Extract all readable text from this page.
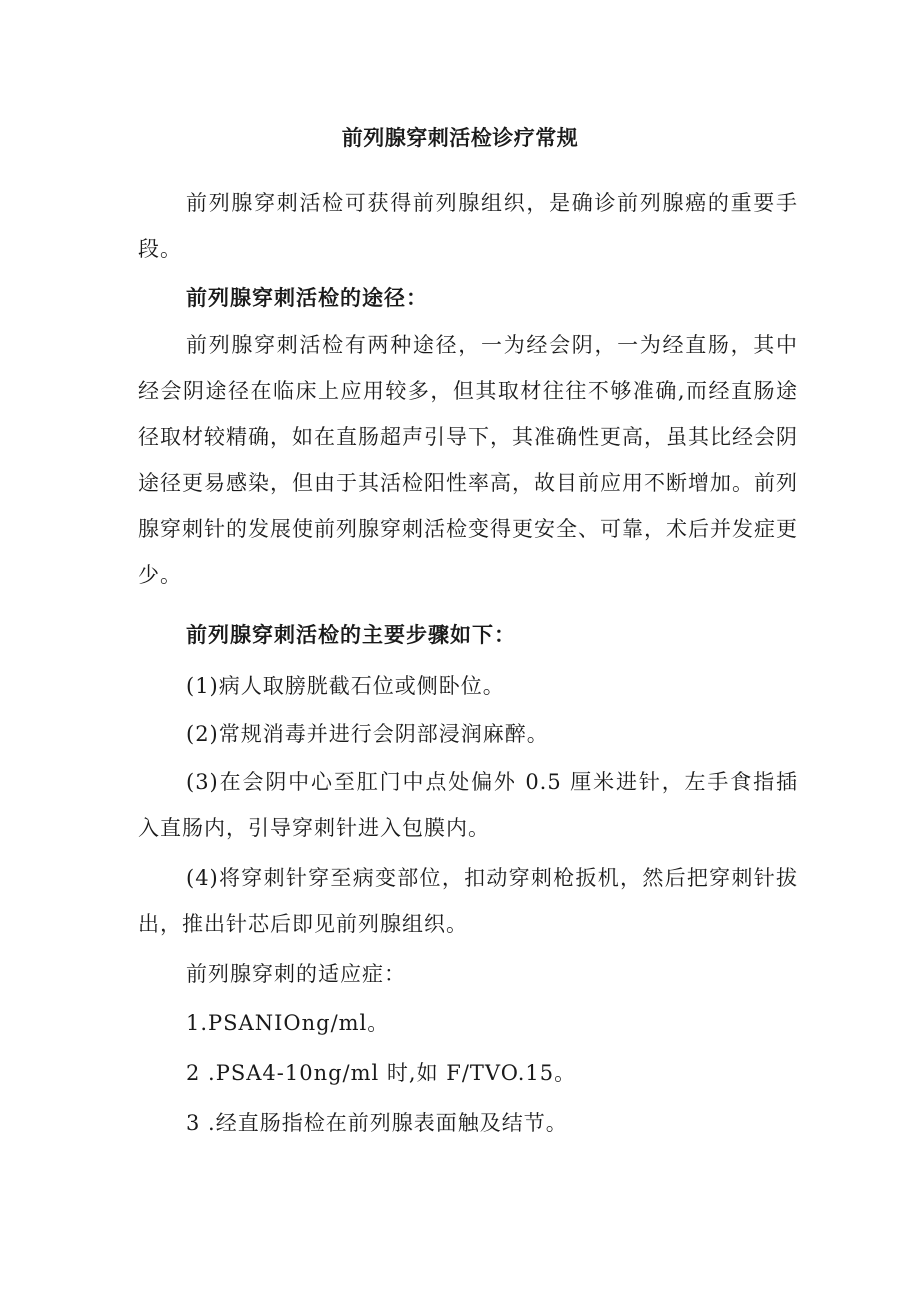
前列腺穿刺活检诊疗常规

前列腺穿刺活检可获得前列腺组织，是确诊前列腺癌的重要手段。

前列腺穿刺活检的途径：

前列腺穿刺活检有两种途径，一为经会阴，一为经直肠，其中经会阴途径在临床上应用较多，但其取材往往不够准确,而经直肠途径取材较精确，如在直肠超声引导下，其准确性更高，虽其比经会阴途径更易感染，但由于其活检阳性率高，故目前应用不断增加。前列腺穿刺针的发展使前列腺穿刺活检变得更安全、可靠，术后并发症更少。

前列腺穿刺活检的主要步骤如下：

(1)病人取膀胱截石位或侧卧位。

(2)常规消毒并进行会阴部浸润麻醉。

(3)在会阴中心至肛门中点处偏外 0.5 厘米进针，左手食指插入直肠内，引导穿刺针进入包膜内。

(4)将穿刺针穿至病变部位，扣动穿刺枪扳机，然后把穿刺针拔出，推出针芯后即见前列腺组织。

前列腺穿刺的适应症：

1.PSANIOng/ml。

2 .PSA4-10ng/ml 时,如 F/TVO.15。

3 .经直肠指检在前列腺表面触及结节。
